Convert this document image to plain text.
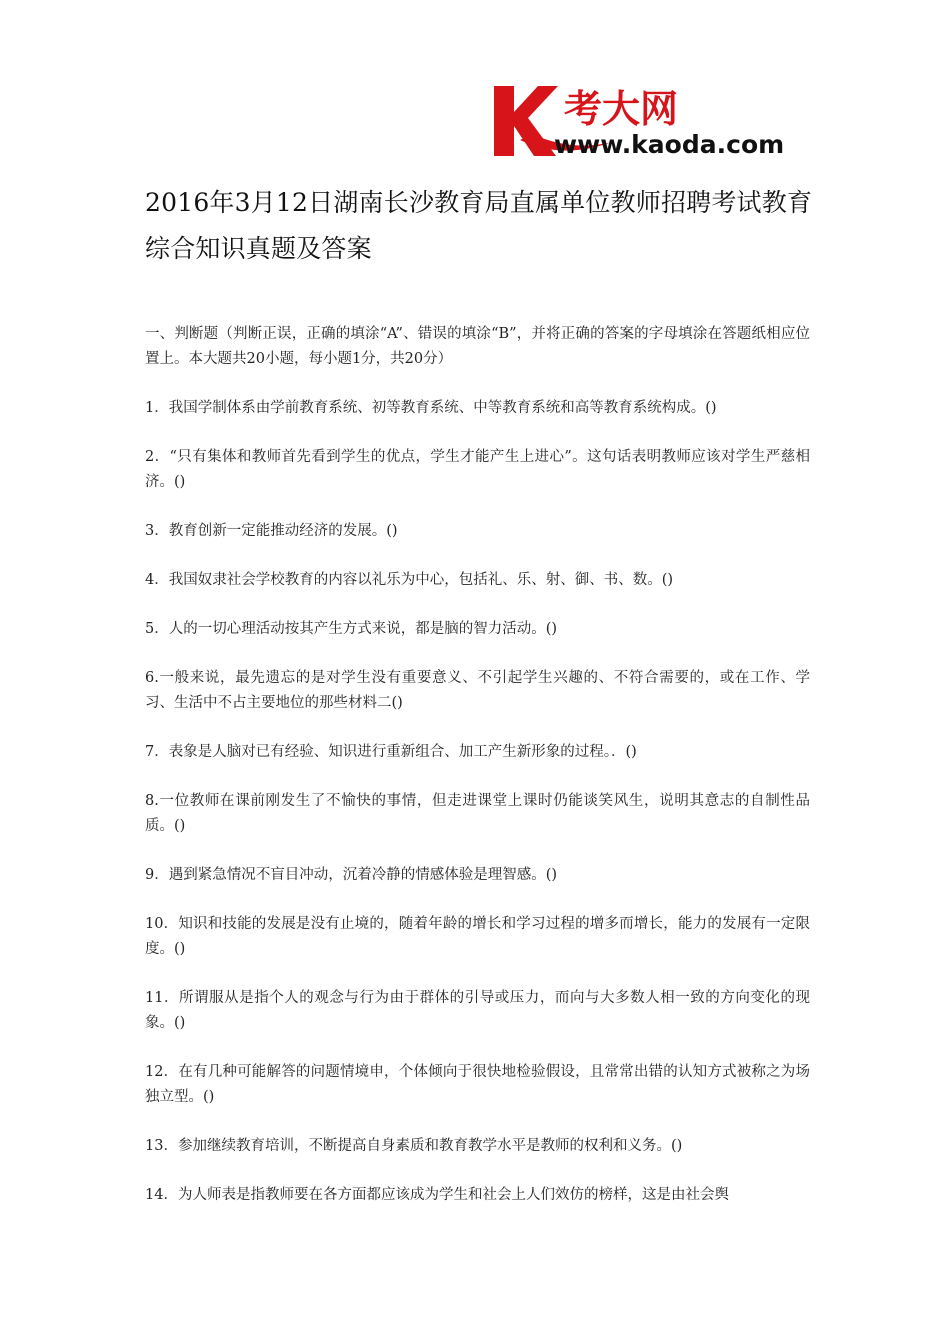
考大网
www.kaoda.com
2016年3月12日湖南长沙教育局直属单位教师招聘考试教育综合知识真题及答案

一、判断题（判断正误，正确的填涂“A”、错误的填涂“B”，并将正确的答案的字母填涂在答题纸相应位置上。本大题共20小题，每小题1分，共20分）

1．我国学制体系由学前教育系统、初等教育系统、中等教育系统和高等教育系统构成。()

2．“只有集体和教师首先看到学生的优点，学生才能产生上进心”。这句话表明教师应该对学生严慈相济。()

3．教育创新一定能推动经济的发展。()

4．我国奴隶社会学校教育的内容以礼乐为中心，包括礼、乐、射、御、书、数。()

5．人的一切心理活动按其产生方式来说，都是脑的智力活动。()

6.一般来说，最先遗忘的是对学生没有重要意义、不引起学生兴趣的、不符合需要的，或在工作、学习、生活中不占主要地位的那些材料二()

7．表象是人脑对已有经验、知识进行重新组合、加工产生新形象的过程。．()

8.一位教师在课前刚发生了不愉快的事情，但走进课堂上课时仍能谈笑风生，说明其意志的自制性品质。()

9．遇到紧急情况不盲目冲动，沉着冷静的情感体验是理智感。()

10．知识和技能的发展是没有止境的，随着年龄的增长和学习过程的增多而增长，能力的发展有一定限度。()

11．所谓服从是指个人的观念与行为由于群体的引导或压力，而向与大多数人相一致的方向变化的现象。()

12．在有几种可能解答的问题情境申，个体倾向于很快地检验假设，且常常出错的认知方式被称之为场独立型。()

13．参加继续教育培训，不断提高自身素质和教育教学水平是教师的权利和义务。()

14．为人师表是指教师要在各方面都应该成为学生和社会上人们效仿的榜样，这是由社会舆
